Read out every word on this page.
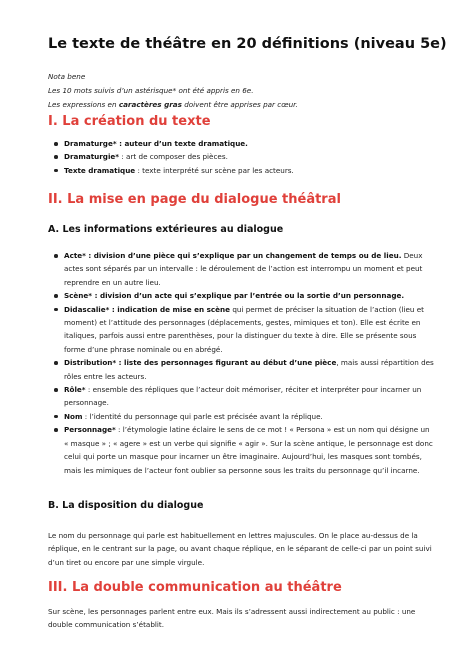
Le texte de théâtre en 20 définitions (niveau 5e)
Nota bene
Les 10 mots suivis d’un astérisque* ont été appris en 6e.
Les expressions en caractères gras doivent être apprises par cœur.
I. La création du texte
Dramaturge* : auteur d’un texte dramatique.
Dramaturgie* : art de composer des pièces.
Texte dramatique : texte interprété sur scène par les acteurs.
II. La mise en page du dialogue théâtral
A. Les informations extérieures au dialogue
Acte* : division d’une pièce qui s’explique par un changement de temps ou de lieu. Deux actes sont séparés par un intervalle : le déroulement de l’action est interrompu un moment et peut reprendre en un autre lieu.
Scène* : division d’un acte qui s’explique par l’entrée ou la sortie d’un personnage.
Didascalie* : indication de mise en scène qui permet de préciser la situation de l’action (lieu et moment) et l’attitude des personnages (déplacements, gestes, mimiques et ton). Elle est écrite en italiques, parfois aussi entre parenthèses, pour la distinguer du texte à dire. Elle se présente sous forme d’une phrase nominale ou en abrégé.
Distribution* : liste des personnages figurant au début d’une pièce, mais aussi répartition des rôles entre les acteurs.
Rôle* : ensemble des répliques que l’acteur doit mémoriser, réciter et interpréter pour incarner un personnage.
Nom : l’identité du personnage qui parle est précisée avant la réplique.
Personnage* : l’étymologie latine éclaire le sens de ce mot ! « Persona » est un nom qui désigne un « masque » ; « agere » est un verbe qui signifie « agir ». Sur la scène antique, le personnage est donc celui qui porte un masque pour incarner un être imaginaire. Aujourd’hui, les masques sont tombés, mais les mimiques de l’acteur font oublier sa personne sous les traits du personnage qu’il incarne.
B. La disposition du dialogue
Le nom du personnage qui parle est habituellement en lettres majuscules. On le place au-dessus de la réplique, en le centrant sur la page, ou avant chaque réplique, en le séparant de celle-ci par un point suivi d’un tiret ou encore par une simple virgule.
III. La double communication au théâtre
Sur scène, les personnages parlent entre eux. Mais ils s’adressent aussi indirectement au public : une double communication s’établit.
